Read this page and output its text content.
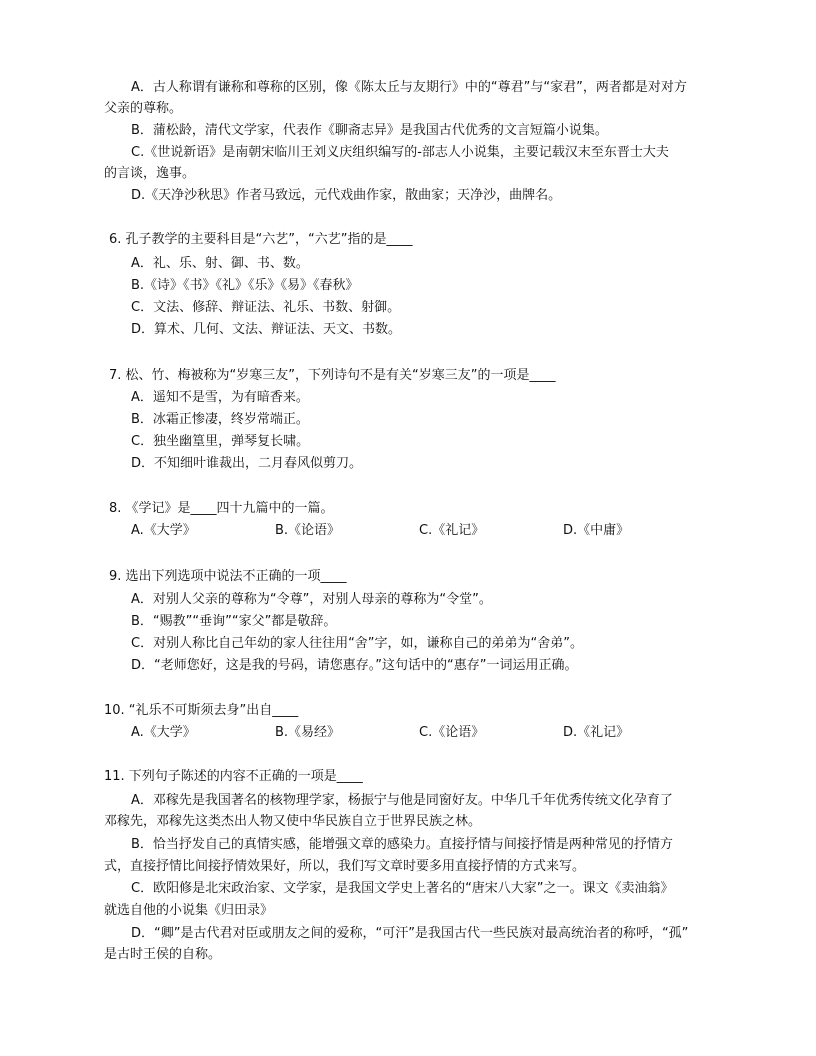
A．古人称谓有谦称和尊称的区别，像《陈太丘与友期行》中的“尊君”与“家君”，两者都是对对方
父亲的尊称。
B．蒲松龄，清代文学家，代表作《聊斋志异》是我国古代优秀的文言短篇小说集。
C.《世说新语》是南朝宋临川王刘义庆组织编写的-部志人小说集，主要记载汉末至东晋士大夫
的言谈，逸事。
D.《天净沙秋思》作者马致远，元代戏曲作家，散曲家；天净沙，曲牌名。
6. 孔子教学的主要科目是“六艺”，“六艺”指的是____
A．礼、乐、射、御、书、数。
B.《诗》《书》《礼》《乐》《易》《春秋》
C．文法、修辞、辩证法、礼乐、书数、射御。
D．算术、几何、文法、辩证法、天文、书数。
7. 松、竹、梅被称为“岁寒三友”，下列诗句不是有关“岁寒三友”的一项是____
A．遥知不是雪，为有暗香来。
B．冰霜正惨凄，终岁常端正。
C．独坐幽篁里，弹琴复长啸。
D．不知细叶谁裁出，二月春风似剪刀。
8. 《学记》是____四十九篇中的一篇。
A.《大学》	B.《论语》	C.《礼记》	D.《中庸》
9. 选出下列选项中说法不正确的一项____
A．对别人父亲的尊称为“令尊”，对别人母亲的尊称为“令堂”。
B．“赐教”“垂询”“家父”都是敬辞。
C．对别人称比自己年幼的家人往往用“舍”字，如，谦称自己的弟弟为“舍弟”。
D．“老师您好，这是我的号码，请您惠存。”这句话中的“惠存”一词运用正确。
10. “礼乐不可斯须去身”出自____
A.《大学》	B.《易经》	C.《论语》	D.《礼记》
11. 下列句子陈述的内容不正确的一项是____
A．邓稼先是我国著名的核物理学家，杨振宁与他是同窗好友。中华几千年优秀传统文化孕育了
邓稼先，邓稼先这类杰出人物又使中华民族自立于世界民族之林。
B．恰当抒发自己的真情实感，能增强文章的感染力。直接抒情与间接抒情是两种常见的抒情方
式，直接抒情比间接抒情效果好，所以，我们写文章时要多用直接抒情的方式来写。
C．欧阳修是北宋政治家、文学家，是我国文学史上著名的“唐宋八大家”之一。课文《卖油翁》
就选自他的小说集《归田录》
D．“卿”是古代君对臣或朋友之间的爱称，“可汗”是我国古代一些民族对最高统治者的称呼，“孤”
是古时王侯的自称。
